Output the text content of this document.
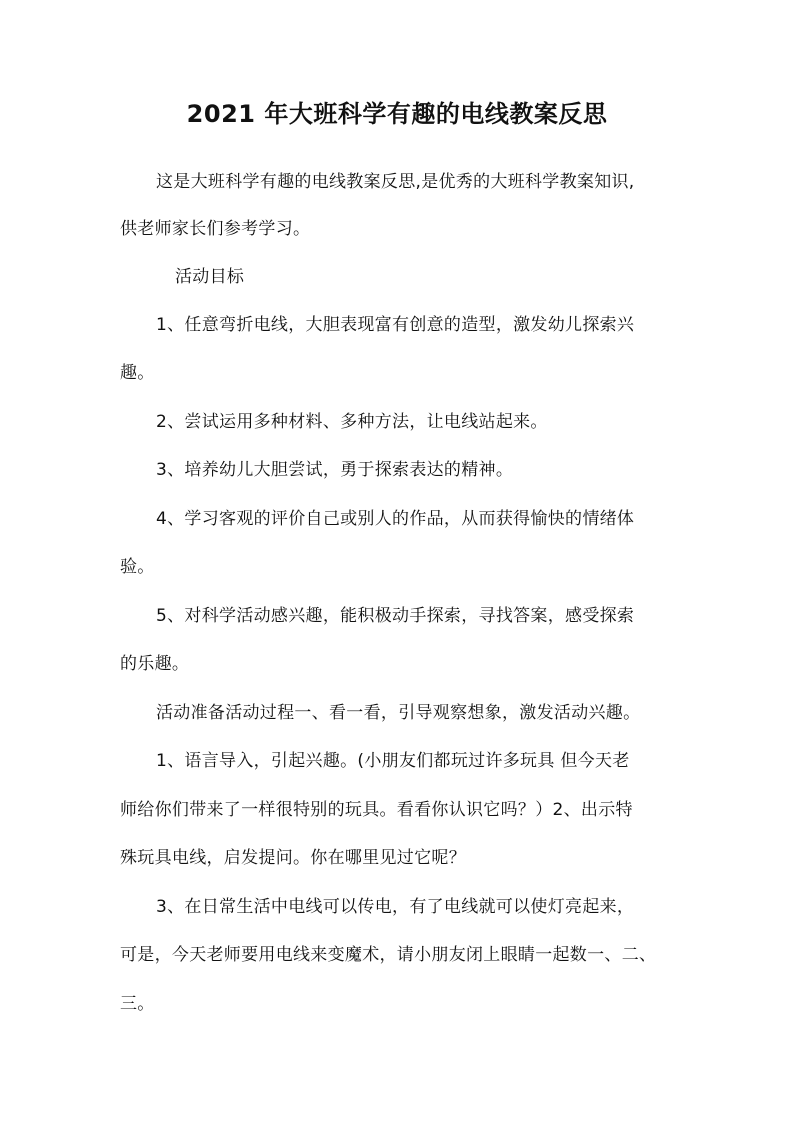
2021 年大班科学有趣的电线教案反思
这是大班科学有趣的电线教案反思,是优秀的大班科学教案知识,
供老师家长们参考学习。
活动目标
1、任意弯折电线，大胆表现富有创意的造型，激发幼儿探索兴
趣。
2、尝试运用多种材料、多种方法，让电线站起来。
3、培养幼儿大胆尝试，勇于探索表达的精神。
4、学习客观的评价自己或别人的作品，从而获得愉快的情绪体
验。
5、对科学活动感兴趣，能积极动手探索，寻找答案，感受探索
的乐趣。
活动准备活动过程一、看一看，引导观察想象，激发活动兴趣。
1、语言导入，引起兴趣。(小朋友们都玩过许多玩具 但今天老
师给你们带来了一样很特别的玩具。看看你认识它吗？）2、出示特
殊玩具电线，启发提问。你在哪里见过它呢？
3、在日常生活中电线可以传电，有了电线就可以使灯亮起来，
可是，今天老师要用电线来变魔术，请小朋友闭上眼睛一起数一、二、
三。
